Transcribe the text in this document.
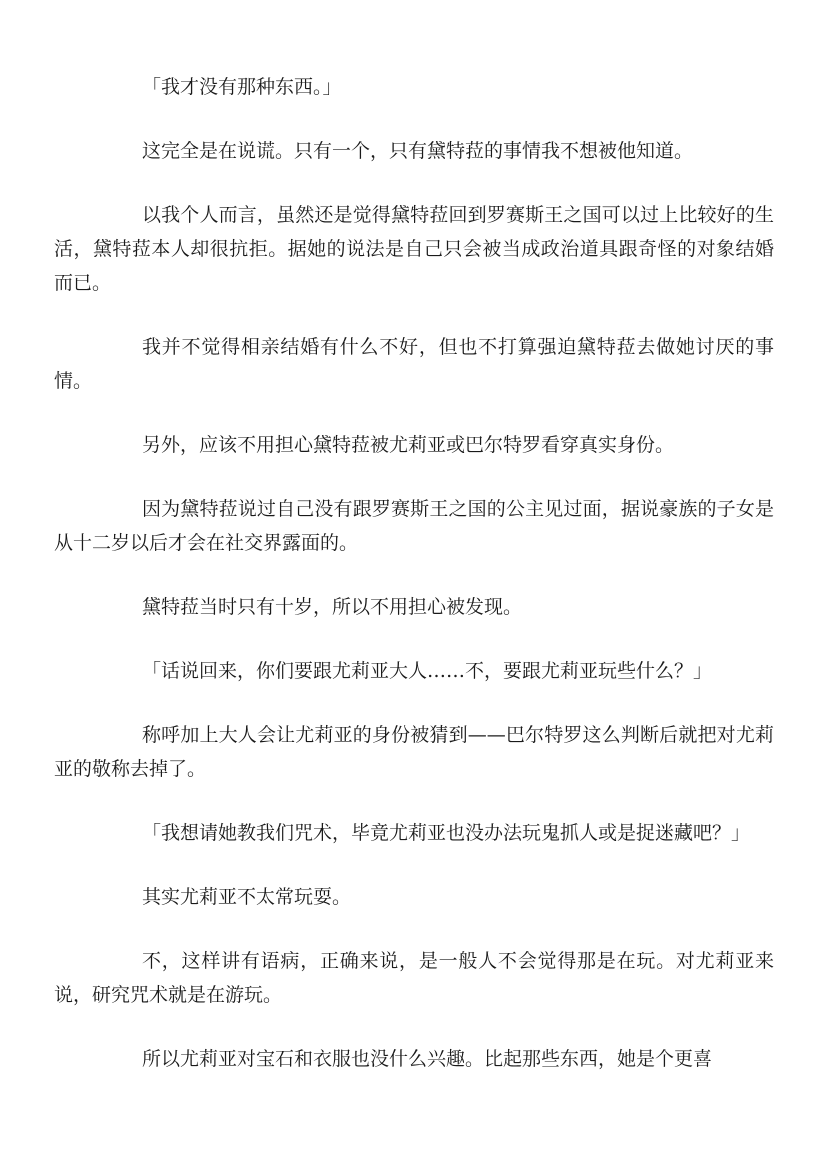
「我才没有那种东西。」

这完全是在说谎。只有一个，只有黛特菈的事情我不想被他知道。

以我个人而言，虽然还是觉得黛特菈回到罗赛斯王之国可以过上比较好的生活，黛特菈本人却很抗拒。据她的说法是自己只会被当成政治道具跟奇怪的对象结婚而已。

我并不觉得相亲结婚有什么不好，但也不打算强迫黛特菈去做她讨厌的事情。

另外，应该不用担心黛特菈被尤莉亚或巴尔特罗看穿真实身份。

因为黛特菈说过自己没有跟罗赛斯王之国的公主见过面，据说豪族的子女是从十二岁以后才会在社交界露面的。

黛特菈当时只有十岁，所以不用担心被发现。

「话说回来，你们要跟尤莉亚大人……不，要跟尤莉亚玩些什么？」

称呼加上大人会让尤莉亚的身份被猜到——巴尔特罗这么判断后就把对尤莉亚的敬称去掉了。

「我想请她教我们咒术，毕竟尤莉亚也没办法玩鬼抓人或是捉迷藏吧？」

其实尤莉亚不太常玩耍。

不，这样讲有语病，正确来说，是一般人不会觉得那是在玩。对尤莉亚来说，研究咒术就是在游玩。

所以尤莉亚对宝石和衣服也没什么兴趣。比起那些东西，她是个更喜
